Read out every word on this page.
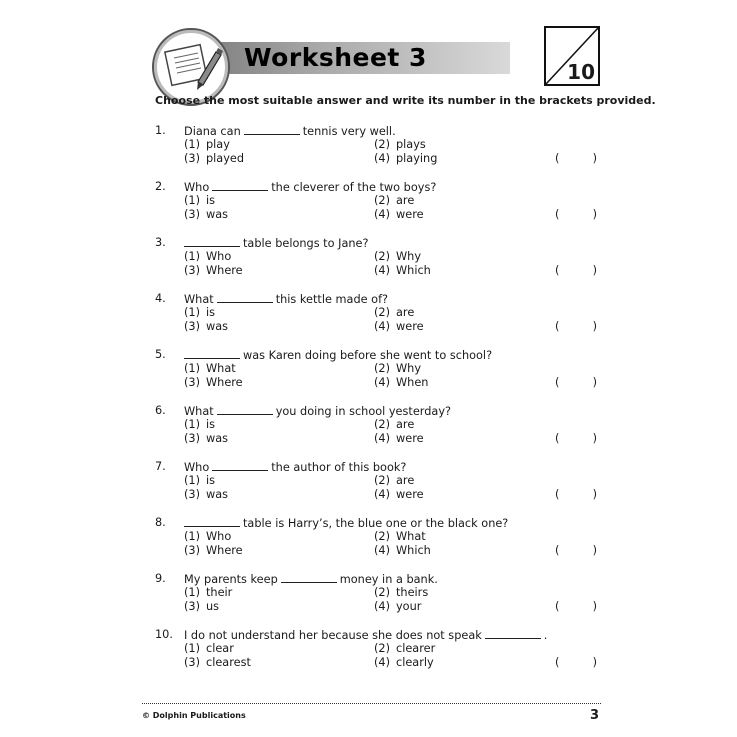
Worksheet 3	10
Choose the most suitable answer and write its number in the brackets provided.
1. Diana can	tennis very well.
(1) play	(2) plays
(3) played	(4) playing	(	)
2. Who	the cleverer of the two boys?
(1) is	(2) are
(3) was	(4) were	(	)
3.	table belongs to Jane?
(1) Who	(2) Why
(3) Where	(4) Which	(	)
4. What	this kettle made of?
(1) is	(2) are
(3) was	(4) were	(	)
5.	was Karen doing before she went to school?
(1) What	(2) Why
(3) Where	(4) When	(	)
6. What	you doing in school yesterday?
(1) is	(2) are
(3) was	(4) were	(	)
7. Who	the author of this book?
(1) is	(2) are
(3) was	(4) were	(	)
8.	table is Harry’s, the blue one or the black one?
(1) Who	(2) What
(3) Where	(4) Which	(	)
9. My parents keep	money in a bank.
(1) their	(2) theirs
(3) us	(4) your	(	)
10. I do not understand her because she does not speak	.
(1) clear	(2) clearer
(3) clearest	(4) clearly	(	)
© Dolphin Publications	3
